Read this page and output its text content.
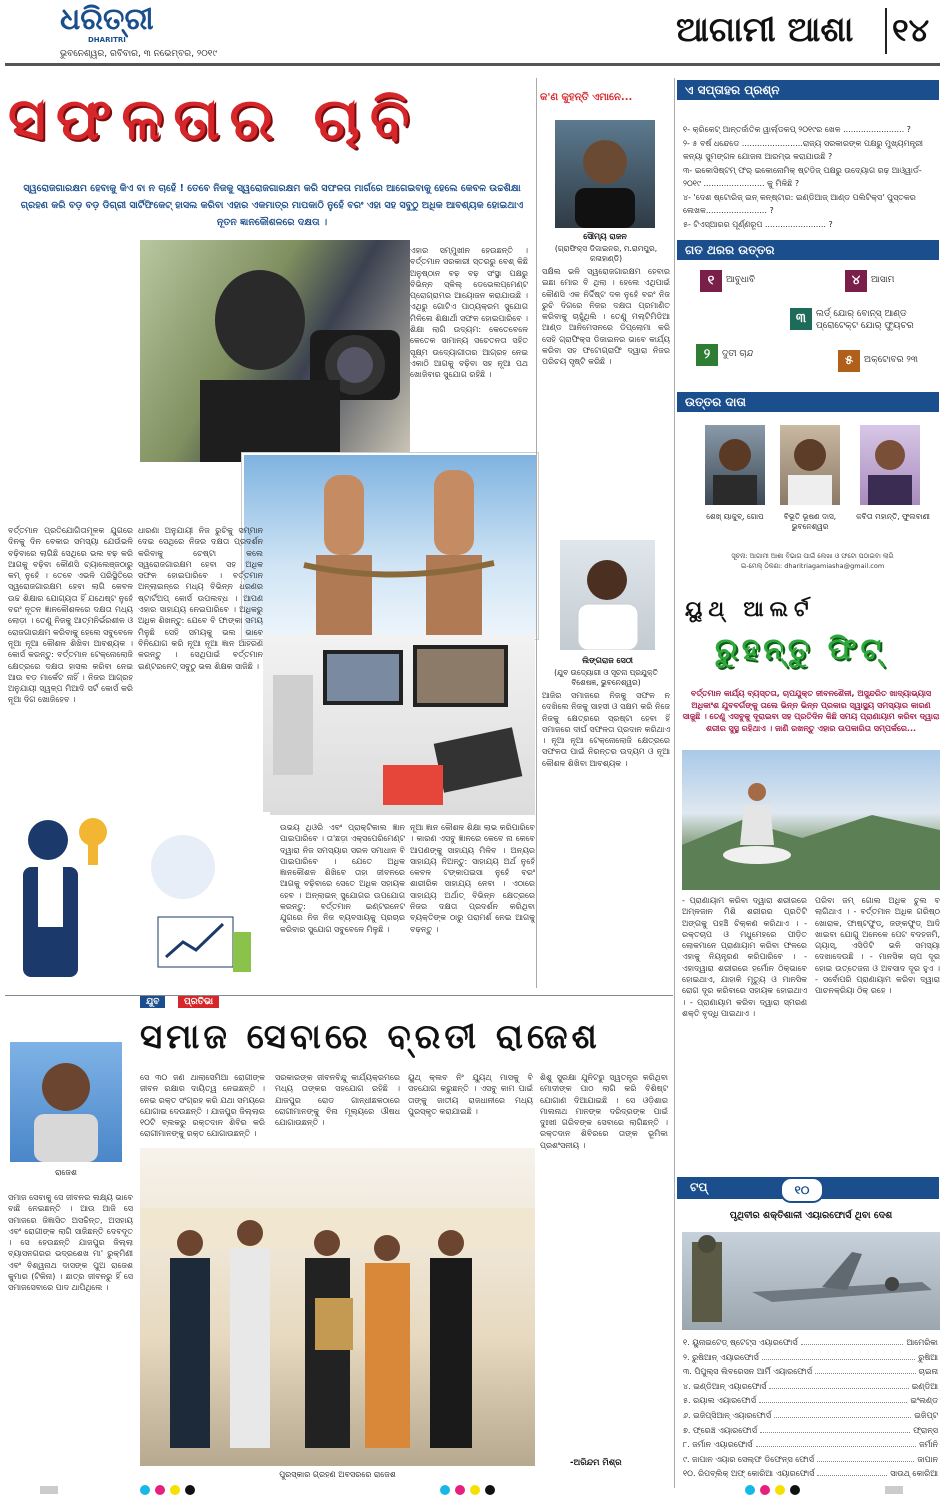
ଧରିତ୍ରୀ
DHARITRI
ଭୁବନେଶ୍ୱର, ରବିବାର, ୩ ନଭେମ୍ବର, ୨୦୧୯
ଆଗାମୀ ଆଶା ୧୪
ସଫଳତାର ଚାବି
ସ୍ୱରୋଜଗାରକ୍ଷମ ହେବାକୁ କିଏ ବା ନ ଚାହେଁ ! ତେବେ ନିଜକୁ ସ୍ୱରୋଜଗାରକ୍ଷମ କରି ସଫଳତା ମାର୍ଗରେ ଆଗେଇବାକୁ ହେଲେ କେବଳ ଉଚ୍ଚଶିକ୍ଷା ଗ୍ରହଣ କରି ବଡ଼ ବଡ଼ ଡିଗ୍ରୀ ସାର୍ଟିଫିକେଟ୍ ହାସଲ କରିବା ଏହାର ଏକମାତ୍ର ମାପକାଠି ନୁହେଁ ବରଂ ଏହା ସହ ସବୁଠୁ ଅଧିକ ଆବଶ୍ୟକ ହୋଇଥାଏ ନୂତନ ଜ୍ଞାନକୌଶଳରେ ଦକ୍ଷତା ।
ଏହାର ସମ୍ମୁଖୀନ ହେଉଛନ୍ତି । ବର୍ତ୍ତମାନ ସରକାରୀ ସ୍ତରରୁ ବେଶ୍ କିଛି ଅନୁଷ୍ଠାନ ବଢ଼ ବଢ଼ ସଂସ୍ଥା ପକ୍ଷରୁ ବିଭିନ୍ନ ସ୍କିଲ୍ ଡେଭେଲପ୍‌ମେଣ୍ଟ ପ୍ରୋଗ୍ରାମର ଆୟୋଜନ କରାଯାଉଛି । ଏଥିରୁ ଗୋଟିଏ ପାଠ୍ୟକ୍ରମ ସୁଯୋଗ ମିଳିଲେ ଶିକ୍ଷାର୍ଥୀ ସଫଳ ହୋଇପାରିବେ । ଶିକ୍ଷା ଲାଗି ଉଦ୍ୟମ: କେତେବେଳେ କେତେକ ସାମାନ୍ୟ ସଚେତନତା ସହିତ ସୂକ୍ଷ୍ମ ଉଦ୍ୟୋଗୀତାର ଆଗ୍ରହ ନେଇ ଏକାଠି ଆଗକୁ ବଢ଼ିବା ସହ ନୂଆ ପଥ ଖୋଜିବାର ସୁଯୋଗ ରହିଛି ।
ବର୍ତ୍ତମାନ ପ୍ରତିଯୋଗିତାମୂଳକ ଯୁଗରେ ଦିନକୁ ଦିନ ବେକାର ସମସ୍ୟା ଯେଉଁଭଳି ବଢ଼ିବାରେ ଲାଗିଛି ସେଥିରେ ଭଲ ବଢ଼ କରି ଆଗକୁ ବଢ଼ିବା କୌଣସି ଚ୍ୟାଲେଞ୍ଜଠାରୁ କମ୍ ନୁହେଁ । ତେବେ ଏଭଳି ପରିସ୍ଥିତିରେ ସ୍ୱରୋଜଗାରକ୍ଷମ ହେବା ଲାଗି କେବଳ ଉଚ୍ଚ ଶିକ୍ଷାର ଯୋଗ୍ୟତା ହିଁ ଯଥେଷ୍ଟ ନୁହେଁ ବରଂ ନୂତନ ଜ୍ଞାନକୌଶଳରେ ଦକ୍ଷତା ମଧ୍ୟ ଲୋଡ଼ା । ତେଣୁ ନିଜକୁ ଆତ୍ମନିର୍ଭରଶୀଳ ଓ ରୋଜଗାରକ୍ଷମ କରିବାକୁ ହେଲେ ସବୁବେଳେ ନୂଆ ନୂଆ କୌଶଳ ଶିଖିବା ଆବଶ୍ୟକ । କୋର୍ସ କରନ୍ତୁ: ବର୍ତ୍ତମାନ ଟେକ୍ନୋଲୋଜି କ୍ଷେତ୍ରରେ ଦକ୍ଷତା ହାସଲ କରିବା ନେଇ ଆଉ ବଡ଼ ମାର୍କେଟ ନାହିଁ । ନିଜର ଆଗ୍ରହ ଅନୁଯାୟୀ ସ୍ୱଳ୍ପ ମିଆଦି ସର୍ଟ କୋର୍ସ କରି ନୂଆ ଦିଗ ଖୋଜିହେବ ।
ଧାରଣା ଅନୁଯାୟୀ ନିଜ ରୁଚିକୁ ସମ୍ମାନ ଦେଇ ସେଥିରେ ନିଜର ଦକ୍ଷତା ପ୍ରଦର୍ଶନ କରିବାକୁ ଚେଷ୍ଟା କଲେ ସ୍ୱରୋଜଗାରକ୍ଷମ ହେବା ସହ ଅଧିକ ସଫଳ ହୋଇପାରିବେ । ବର୍ତ୍ତମାନ ଅନ୍‌ଲାଇନ୍‌ରେ ମଧ୍ୟ ବିଭିନ୍ନ ଧରଣର ଷ୍ଟାର୍ଟଅପ୍ କୋର୍ସ ଉପଲବ୍ଧ । ଆପଣ ଏହାର ସାହାଯ୍ୟ ନେଇପାରିବେ । ଅଧିକରୁ ଅଧିକ ଶିଖନ୍ତୁ: ଯେବେ ବି ଫାଙ୍କା ସମୟ ମିଳୁଛି ସେହି ସମୟକୁ ଭଲ ଭାବେ ବିନିଯୋଗ କରି ନୂଆ ନୂଆ ଜ୍ଞାନ ଆହରଣ କରନ୍ତୁ । ସେଥିପାଇଁ ବର୍ତ୍ତମାନ ଇଣ୍ଟରନେଟ୍ ସବୁଠୁ ଭଲ ଶିକ୍ଷକ ସାଜିଛି ।
ଉଭୟ ଥିଓରି ଏବଂ ପ୍ରାକ୍ଟିକାଲ ଜ୍ଞାନ ପାଇପାରିବେ । ତା'ଛଡ଼ା ଏକ୍ସପେରିମେଣ୍ଟ ଦ୍ୱାରା ନିଜ ସମସ୍ୟାର ସରଳ ସମାଧାନ ବି ପାଇପାରିବେ । ଯେତେ ଅଧିକ ଜ୍ଞାନକୌଶଳ ଶିଖିବେ ତାହା ଜୀବନରେ ଆଗକୁ ବଢ଼ିବାରେ ସେତେ ଅଧିକ ସହାୟକ ହେବ । ଅନ୍‌ଲାଇନ୍ ସୁଯୋଗର ଉପଯୋଗ କରନ୍ତୁ: ବର୍ତ୍ତମାନ ଇଣ୍ଟରନେଟ ଯୁଗରେ ନିଜ ନିଜ ବ୍ୟବସାୟକୁ ପ୍ରଚାର କରିବାର ସୁଯୋଗ ସବୁବେଳେ ମିଳୁଛି ।
ନୂଆ ଜ୍ଞାନ କୌଶଳ ଶିକ୍ଷା ଲାଭ କରିପାରିବେ । କାରଣ ଏସବୁ ଜ୍ଞାନରେ କେବେ ନା କେବେ ଆପଣଙ୍କୁ ସାହାଯ୍ୟ ମିଳିବ । ଅନ୍ୟର ସାହାଯ୍ୟ ନିଅନ୍ତୁ: ସାହାଯ୍ୟ ଅର୍ଥ ନୁହେଁ କେବଳ ଟଙ୍କାପଇସା ନୁହେଁ ବରଂ ଶାରୀରିକ ସାହାଯ୍ୟ ନେବା । ଏଠାରେ ସାହାଯ୍ୟ ଅର୍ଥାତ୍ ବିଭିନ୍ନ କ୍ଷେତ୍ରରେ ନିଜର ଦକ୍ଷତା ପ୍ରଦର୍ଶନ କରିଥିବା ବ୍ୟକ୍ତିଙ୍କ ଠାରୁ ପରାମର୍ଶ ନେଇ ଆଗକୁ ବଢ଼ନ୍ତୁ ।
କ'ଣ କୁହନ୍ତି ଏମାନେ...
ସୌମ୍ୟ ରାଜନ
(ଗ୍ରାଫିକ୍ସ ଡିଜାଇନର, ମ.ରାମପୁର, କଳାହାଣ୍ଡି)
ସକ୍ଷିଲ ଭଳି ସ୍ୱରୋଜଗାରକ୍ଷମ ହେବାର ଇଛା ମୋର ବି ଥିଲା । ହେଲେ ଏଥିପାଇଁ କୌଣସି ଏକ ନିର୍ଦ୍ଦିଷ୍ଟ ଦଳ ନୁହେଁ ବରଂ ନିଜ ରୁଚି ଦିଗରେ ନିଜର ଦକ୍ଷତା ପ୍ରମାଣିତ କରିବାକୁ ଚାହୁଁଥିଲି । ତେଣୁ ମଲ୍ଟିମିଡିଆ ଆଣ୍ଡ ଆନିମେସନରେ ଡିପ୍ଲୋମା କରି ସେହି ଗ୍ରାଫିକ୍ସ ଡିଜାଇନର ଭାବେ କାର୍ଯ୍ୟ କରିବା ସହ ଫଟୋଗ୍ରାଫି ଦ୍ୱାରା ନିଜର ପରିଚୟ ସୃଷ୍ଟି କରିଛି ।
ଲିଙ୍ଗରାଜ ସେଠୀ
(ଯୁବ ଉଦ୍ୟୋଗୀ ଓ ସୂଚନା ପ୍ରଯୁକ୍ତି ବିଶେଷଜ୍ଞ, ଭୁବନେଶ୍ୱର)
ଆଜିର ସମାଜରେ ନିଜକୁ ସଫଳ ନ ଦେଖିଲେ ନିଜକୁ ସାହସୀ ଓ ସକ୍ଷମ କରି ନିଜେ ନିଜକୁ କ୍ଷେତ୍ରରେ ସ୍ରଷ୍ଟା ହେବା ହିଁ ସମାଜରେ ଦୀର୍ଘ ସଫଳତା ପ୍ରଦାନ କରିଥାଏ । ନୂଆ ନୂଆ ଟେକ୍ନୋଲୋଜି କ୍ଷେତ୍ରରେ ସଫଳତା ପାଇଁ ନିରନ୍ତର ଉଦ୍ୟମ ଓ ନୂଆ କୌଶଳ ଶିଖିବା ଆବଶ୍ୟକ ।
ଏ ସପ୍ତାହର ପ୍ରଶ୍ନ
୧- କ୍ରିକେଟ୍ ଆନ୍ତର୍ଜାତିକ ୱାର୍ଲ୍ଡକପ୍ ୨୦୧୯ର ଖେଳ ........................ ?
୨- ୫ ବର୍ଷ ଧନ୍ଦେଡେ ........................ରାଜ୍ୟ ସରକାରଙ୍କ ପକ୍ଷରୁ ମୁଖ୍ୟମନ୍ତ୍ରୀ
କନ୍ୟା ସୁମଙ୍ଗଳ ଯୋଜନା ଆରମ୍ଭ କରାଯାଉଛି ?
୩- ଇକୋସିଷ୍ଟମ୍ ଫର୍ ଇକୋନୋମିକ୍ ଷ୍ଟଡିଜ୍ ପକ୍ଷରୁ ଉଦ୍ୟୋଗ ରଢ଼ ଆଓ୍ୱାର୍ଡ-
୨୦୧୯ ........................ କୁ ମିଳିଛି ?
୪- 'ଦେଶ ଷ୍ଟୋରିଜ୍ ଇନ୍ କନ୍ଷ୍ଟାର: ଇଣ୍ଡିଆଜ୍ ଆଣ୍ଡ ପଲିଟିକ୍ସ' ପୁସ୍ତକର
ଲେଖକ........................ ?
୫- ଟିଏସ୍‌ଆରର ପୂର୍ଣ୍ଣରୂପ ........................ ?
ଗତ ଥରର ଉତ୍ତର
୧	ଆବୁଧାବି	୪	ଆସାମ
୩	ଲର୍ଡ୍ ଯୋର୍ ବୋନ୍ସ୍ ଆଣ୍ଡ ପ୍ରୋଟେକ୍ଟ ଯୋର୍ ଫ୍ୟୁଚର
୨	ଦୁତୀ ଚାନ୍ଦ	୫	ଅକ୍ଟୋବର ୨୩
ଉତ୍ତର ଦାତା
ଶେଖ୍ ୟାକୁବ୍, ଗୋପ	ବିଭୂତି ଭୂଷଣ ଦାସ, ଭୁବନେଶ୍ୱର
କବିତା ମହାନ୍ତି, ଫୁଲବାଣୀ
ସୂଚନା: ଆଗାମୀ ଆଶା ବିଭାଗ ପାଇଁ ଲେଖା ଓ ଫଟୋ ପଠାଇବା ଲାଗି
ଇ-ମେଲ୍ ଠିକଣା: dharitriagamiasha@gmail.com
ୟୁଥ୍ ଆଲର୍ଟ
ରୁହନ୍ତୁ ଫିଟ୍
ବର୍ତ୍ତମାନ କାର୍ଯ୍ୟ ବ୍ୟସ୍ତତା, ଚାପଯୁକ୍ତ ଜୀବନଶୈଳୀ, ଅସୁନ୍ଦରିତ ଖାଦ୍ୟାଭ୍ୟାସ ଅଧିକାଂଶ ଯୁବବର୍ଗଙ୍କୁ ତାଲେ ଭିନ୍ନ ଭିନ୍ନ ପ୍ରକାର ସ୍ୱାସ୍ଥ୍ୟ ସମସ୍ୟାର କାରଣ ସାଜୁଛି । ତେଣୁ ଏସବୁକୁ ଦୂରାଇବା ସହ ପ୍ରତିଦିନ କିଛି ସମୟ ପ୍ରାଣାୟାମ କରିବା ଦ୍ୱାରା ଶରୀର ସୁସ୍ଥ ରହିଥାଏ । ଜାଣି ରଖନ୍ତୁ ଏହାର ଉପକାରିତା ସମ୍ପର୍କରେ...
- ପ୍ରାଣାୟାମ କରିବା ଦ୍ୱାରା ଶରୀରରେ ଅମ୍ଳଜାନ ମିଶି ଶରୀରର ପ୍ରତିଟି ଅଙ୍ଗକୁ ପହଞ୍ଚି ଚିକ୍କଣ କରିଥାଏ । - ରକ୍ତଚାପ ଓ ମଧୁମେହରେ ପୀଡ଼ିତ ଲୋକମାନେ ପ୍ରାଣାୟାମ କରିବା ଫଳରେ ଏହାକୁ ନିୟନ୍ତ୍ରଣ କରିପାରିବେ । - ଏହାଦ୍ୱାରା ଶରୀରରେ ହର୍ମୋନ ଠିକ୍‌ଭାବେ ହୋଇଥାଏ, ଯାହାକି ମୃତ୍ୟୁ ଓ ମାନସିକ ରୋଗ ଦୂର କରିବାରେ ସହାୟକ ହୋଇଥାଏ । - ପ୍ରାଣାୟାମ କରିବା ଦ୍ୱାରା ସ୍ମରଣ ଶକ୍ତି ବୃଦ୍ଧି ପାଇଥାଏ ।
ପରିବା ଜମ୍ ଗୋଲ ଅଧିକ ଚୁଲ ବ ଲାଗିଥାଏ । - ବର୍ତ୍ତମାନ ଅଧିକ ଗରିଷ୍ଠ ଖୋରାକ, ଫାଷ୍ଟଫୁଡ୍, ଜଙ୍କଫୁଡ୍ ଆଦି ଖାଇବା ଯୋଗୁ ଅନେକେ ପେଟ ବଦହଜମି, ଗ୍ୟାସ୍, ଏସିଡିଟି ଭଳି ସମସ୍ୟା ଦେଖାଦେଉଛି । - ମାନସିକ ଚାପ ଦୂର ହୋଇ ଉତ୍ତେଜନା ଓ ଅବସାଦ ଦୂର ହୁଏ । - ସର୍ବୋପରି ପ୍ରାଣାୟାମ କରିବା ଦ୍ୱାରା ପାଚନକ୍ରିୟା ଠିକ୍ ରହେ ।
ଟପ୍	୧୦
ପୃଥିବୀର ଶକ୍ତିଶାଳୀ ଏୟାରଫୋର୍ସ ଥିବା ଦେଶ
୧. ୟୁନାଇଟେଡ୍ ଷ୍ଟେଟ୍ସ ଏୟାରଫୋର୍ସ	ଆମେରିକା
୨. ରୁଷିଆନ୍ ଏୟାରଫୋର୍ସ	ରୁଷିଆ
୩. ପିପୁଲ୍ସ ଲିବରେସନ ଆର୍ମି ଏୟାରଫୋର୍ସ	ଚାଇନା
୪. ଇଣ୍ଡିଆନ୍ ଏୟାରଫୋର୍ସ	ଇଣ୍ଡିଆ
୫. ରୟାଲ ଏୟାରଫୋର୍ସ	ଇଂଲଣ୍ଡ
୬. ଇଜିପ୍ସିଆନ୍ ଏୟାରଫୋର୍ସ	ଇଜିପ୍ଟ
୭. ଫ୍ରେଞ୍ଚ ଏୟାରଫୋର୍ସ	ଫ୍ରାନ୍ସ
୮. ଜର୍ମାନ ଏୟାରଫୋର୍ସ	ଜର୍ମାନି
୯. ଜାପାନ ଏୟାର ସେଲ୍ଫ ଡିଫେନ୍ସ ଫୋର୍ସ	ଜାପାନ
୧୦. ରିପବ୍ଲିକ୍ ଅଫ୍ କୋରିଆ ଏୟାରଫୋର୍ସ	ସାଉଥ୍ କୋରିଆ
ଯୁବ	ପ୍ରତିଭା
ସମାଜ ସେବାରେ ବ୍ରତୀ ରାଜେଶ
ରାଜେଶ
ସମାଜ ସେବାକୁ ସେ ଜୀବନର ଲକ୍ଷ୍ୟ ଭାବେ ବାଛି ନେଇଛନ୍ତି । ଆଉ ଆଜି ସେ ସମାଜରେ ଜିଜ୍ଞାସିତ ଅସଚ୍ଚିନ୍ତ, ଅସହାୟ ଏବଂ ରୋଗୀଙ୍କ ଲାଗି ସାଜିଛନ୍ତି ଦେବଦୂତ । ସେ ହେଉଛନ୍ତି ଯାଜପୁର ଜିଲ୍ଲା ବ୍ୟାସନଗରର ଭଦ୍ରଶେଖ ମା' ରୁକ୍ମିଣୀ ଏବଂ ବିଶ୍ୱନାଥ ଦାସଙ୍କ ପୁଅ ରାଜେଶ କୁମାର (ଟିକିନା) । ଛାତ୍ର ଜୀବନରୁ ହିଁ ସେ ସମାଜସେବାରେ ପାଦ ଥାପିଥିଲେ ।
ସେ ୩୦ ଜଣ ଥାଲାସେମିଆ ରୋଗୀଙ୍କ ଜୀବନ ରକ୍ଷାର ଦାୟିତ୍ୱ ନେଇଛନ୍ତି । ନେଇ ରକ୍ତ ସଂଗ୍ରହ କରି ଯଥା ସମୟରେ ଯୋଗାଇ ଦେଉଛନ୍ତି । ଯାଜପୁର ଜିଲ୍ଲାର ୧୦ଟି ବ୍ଲକରୁ ରକ୍ତଦାନ ଶିବିର କରି ରୋଗୀମାନଙ୍କୁ ରକ୍ତ ଯୋଗାଉଛନ୍ତି ।
ସରକାରଙ୍କ ଜୀବନବିନ୍ଦୁ କାର୍ଯ୍ୟକ୍ରମରେ ମଧ୍ୟ ତାଙ୍କର ସହଯୋଗ ରହିଛି । ଯାଜପୁର ରୋଡ ଗାନ୍ଧୀଛକଠାରେ ରୋଗୀମାନଙ୍କୁ ବିନା ମୂଲ୍ୟରେ ଔଷଧ ଯୋଗାଉଛନ୍ତି ।
ୟୁଥ୍ କ୍ଲବ ନିଂ ଯ୍ୟୁଥ୍ ମାସକୁ ବି ସହଯୋଗ କରୁଛନ୍ତି । ଏସବୁ କାମ ପାଇଁ ତାଙ୍କୁ ଜାତୀୟ ରାଜଧାନୀରେ ମଧ୍ୟ ପୁରସ୍କୃତ କରାଯାଇଛି ।
ପୁରସ୍କାର ଗ୍ରହଣ ଅବସରରେ ରାଜେଶ
ଶିଶୁ ସୁରକ୍ଷା ଯୁନିଟରୁ ସ୍ୱତନ୍ତ୍ର କରିଥିବା ମୋଦୀଙ୍କ ପାଠ ଲାଗି କରି ବିଶିଷ୍ଟ ଯୋଗାଣ ଦିଆଯାଇଛି । ସେ ଓଡ଼ିଶାର ମାଲନାଥ ମାନଙ୍କ ଦରିଦ୍ରଙ୍କ ପାଇଁ ଦୁଃଖୀ ଗରିବଙ୍କ ସେବାରେ ଲାଗିଛନ୍ତି । ରକ୍ତଦାନ ଶିବିରରେ ତାଙ୍କ ଭୂମିକା ପ୍ରଶଂସନୀୟ ।
-ଅରିନ୍ଦମ ମିଶ୍ର
